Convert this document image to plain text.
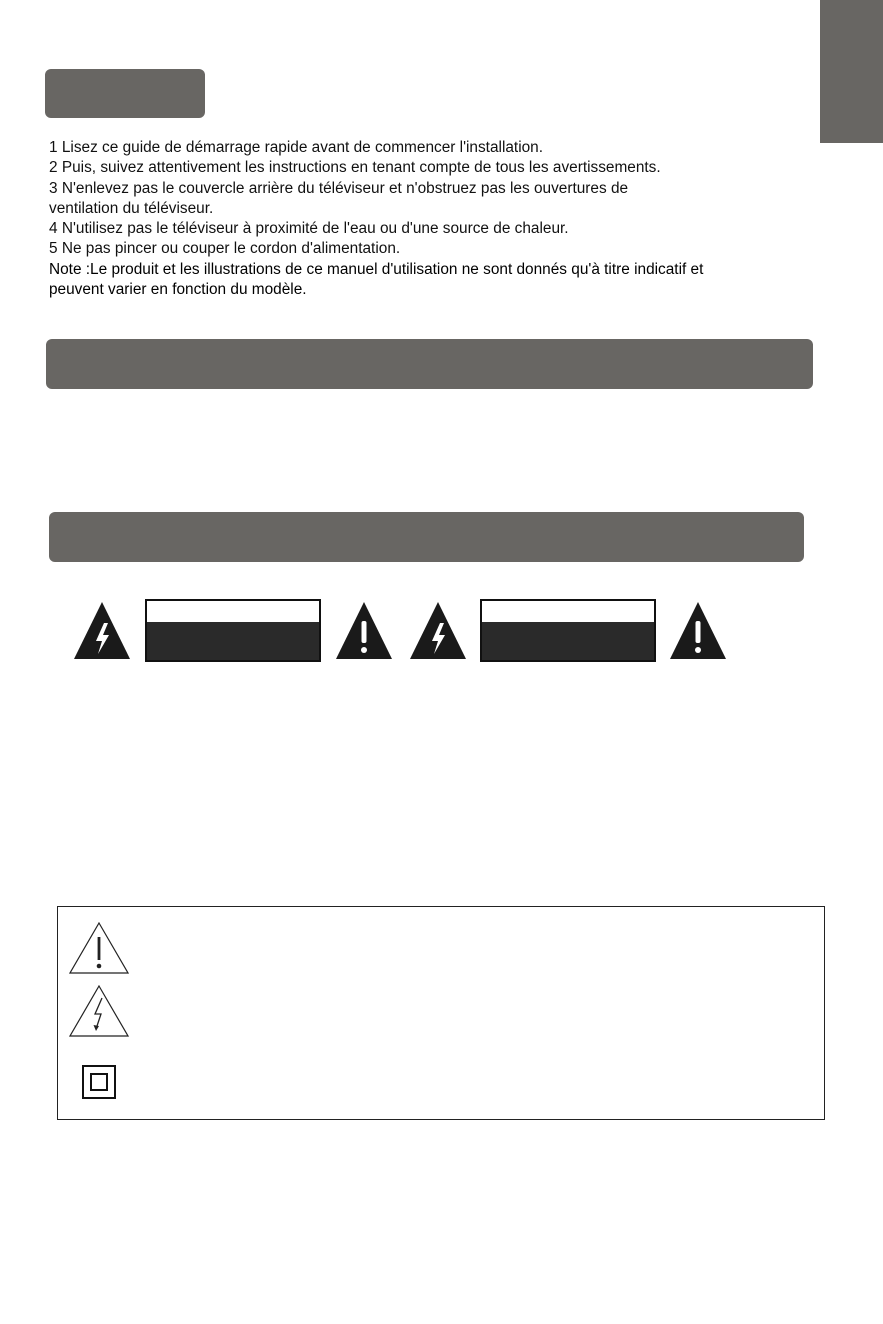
1 Lisez ce guide de démarrage rapide avant de commencer l'installation.

2 Puis, suivez attentivement les instructions en tenant compte de tous les avertissements.

3 N'enlevez pas le couvercle arrière du téléviseur et n'obstruez pas les ouvertures de

ventilation du téléviseur.

4 N'utilisez pas le téléviseur à proximité de l'eau ou d'une source de chaleur.

5 Ne pas pincer ou couper le cordon d'alimentation.

Note :Le produit et les illustrations de ce manuel d'utilisation ne sont donnés qu'à titre indicatif et

peuvent varier en fonction du modèle.
